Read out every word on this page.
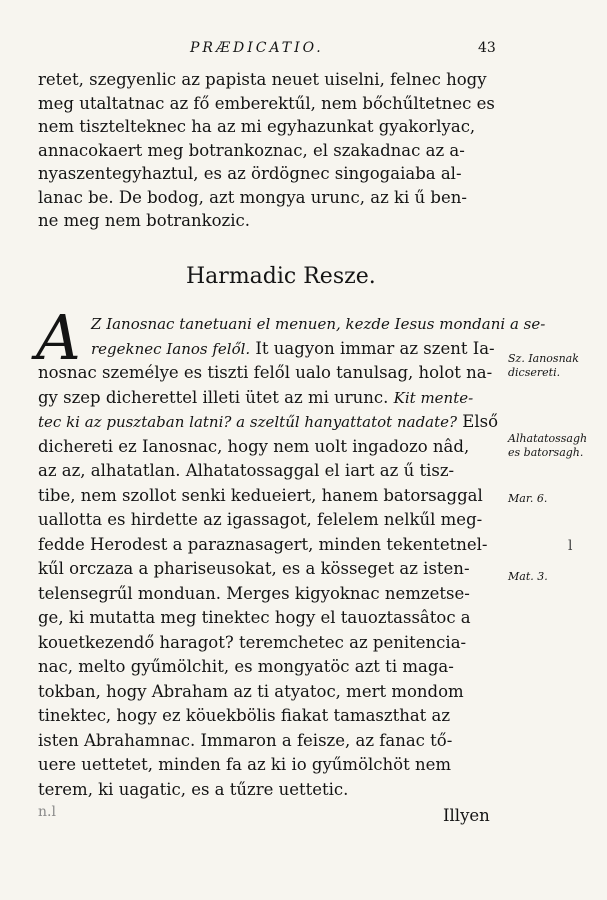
PRÆDICATIO.	43
retet, szegyenlic az papista neuet uiselni, felnec hogy
meg utaltatnac az fő emberektűl, nem bőchűltetnec es
nem tisztelteknec ha az mi egyhazunkat gyakorlyac,
annacokaert meg botrankoznac, el szakadnac az a-
nyaszentegyhaztul, es az ördögnec singogaiaba al-
lanac be. De bodog, azt mongya urunc, az ki ű ben-
ne meg nem botrankozic.
Harmadic Resze.
A Z Ianosnac tanetuani el menuen, kezde Iesus mondani a se-
regeknec Ianos felől. It uagyon immar az szent Ia-
nosnac személye es tiszti felől ualo tanulsag, holot na-
gy szep dicherettel illeti ütet az mi urunc. Kit mente-
tec ki az pusztaban latni? a szeltűl hanyattatot nadate? Első
dichereti ez Ianosnac, hogy nem uolt ingadozo nâd,
az az, alhatatlan. Alhatatossaggal el iart az ű tisz-
tibe, nem szollot senki kedueiert, hanem batorsaggal
uallotta es hirdette az igassagot, felelem nelkűl meg-
fedde Herodest a paraznasagert, minden tekentetnel-
kűl orczaza a pharisеusokat, es a kösseget az isten-
telensegrűl monduan. Merges kigyoknac nemzetse-
ge, ki mutatta meg tinektec hogy el tauoztassâtoc a
kouetkezendő haragot? teremchetec az penitencia-
nac, melto gyűmölchit, es mongyatöc azt ti maga-
tokban, hogy Abraham az ti atyatoc, mert mondom
tinektec, hogy ez köuekbölis fiakat tamaszthat az
isten Abrahamnac. Immaron a feisze, az fanac tő-
uere uettetet, minden fa az ki io gyűmölchöt nem
terem, ki uagatic, es a tűzre uettetic.
Sz. Ianosnak dicsereti.
Alhatatossagh es batorsagh.
Mar. 6.
Mat. 3.
l
n.l	Illyen
